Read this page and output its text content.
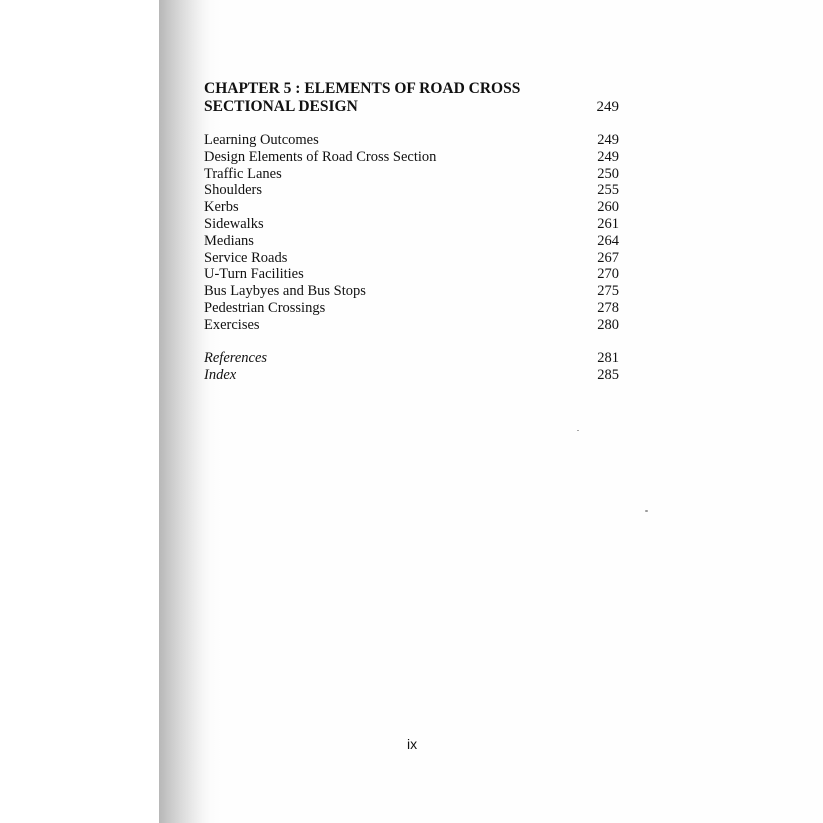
CHAPTER 5 : ELEMENTS OF ROAD CROSS
SECTIONAL DESIGN	249
Learning Outcomes	249
Design Elements of Road Cross Section	249
Traffic Lanes	250
Shoulders	255
Kerbs	260
Sidewalks	261
Medians	264
Service Roads	267
U-Turn Facilities	270
Bus Laybyes and Bus Stops	275
Pedestrian Crossings	278
Exercises	280
References	281
Index	285
ix
